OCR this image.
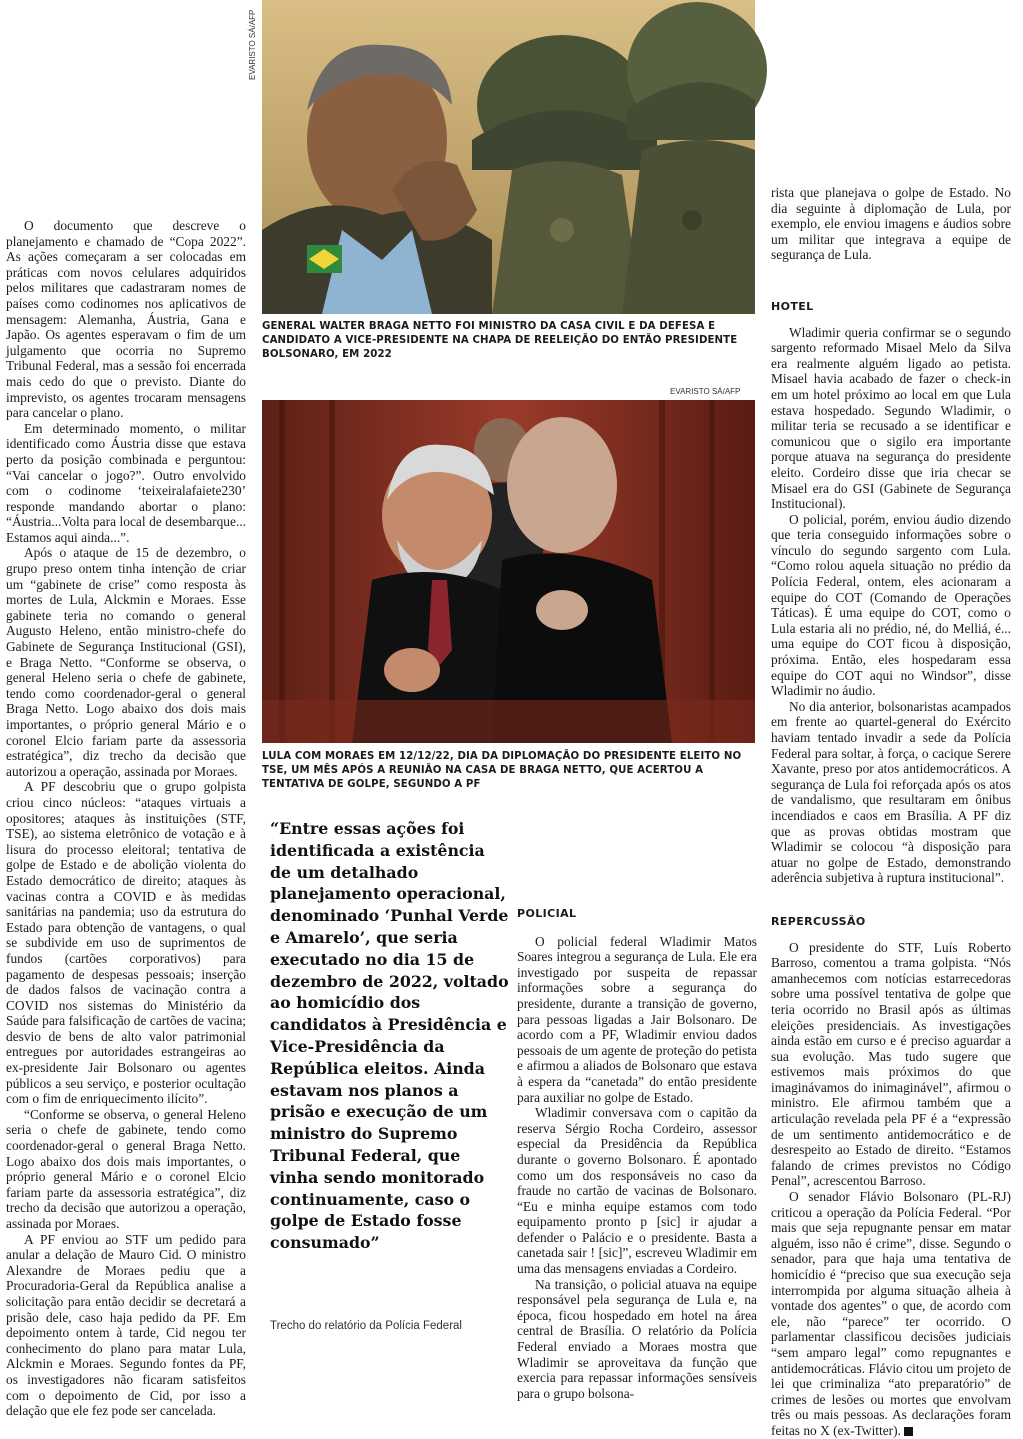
EVARISTO SÁ/AFP
GENERAL WALTER BRAGA NETTO FOI MINISTRO DA CASA CIVIL E DA DEFESA E CANDIDATO A VICE-PRESIDENTE NA CHAPA DE REELEIÇÃO DO ENTÃO PRESIDENTE BOLSONARO, EM 2022
EVARISTO SÁ/AFP
LULA COM MORAES EM 12/12/22, DIA DA DIPLOMAÇÃO DO PRESIDENTE ELEITO NO TSE, UM MÊS APÓS A REUNIÃO NA CASA DE BRAGA NETTO, QUE ACERTOU A TENTATIVA DE GOLPE, SEGUNDO A PF
“Entre essas ações foi identificada a existência de um detalhado planejamento operacional, denominado ‘Punhal Verde e Amarelo’, que seria executado no dia 15 de dezembro de 2022, voltado ao homicídio dos candidatos à Presidência e Vice-Presidência da República eleitos. Ainda estavam nos planos a prisão e execução de um ministro do Supremo Tribunal Federal, que vinha sendo monitorado continuamente, caso o golpe de Estado fosse consumado”
Trecho do relatório da Polícia Federal

O documento que descreve o planejamento e chamado de “Copa 2022”. As ações começaram a ser colocadas em práticas com novos celulares adquiridos pelos militares que cadastraram nomes de países como codinomes nos aplicativos de mensagem: Alemanha, Áustria, Gana e Japão. Os agentes esperavam o fim de um julgamento que ocorria no Supremo Tribunal Federal, mas a sessão foi encerrada mais cedo do que o previsto. Diante do imprevisto, os agentes trocaram mensagens para cancelar o plano.

Em determinado momento, o militar identificado como Áustria disse que estava perto da posição combinada e perguntou: “Vai cancelar o jogo?”. Outro envolvido com o codinome ‘teixeiralafaiete230’ responde mandando abortar o plano: “Áustria...Volta para local de desembarque... Estamos aqui ainda...”.

Após o ataque de 15 de dezembro, o grupo preso ontem tinha intenção de criar um “gabinete de crise” como resposta às mortes de Lula, Alckmin e Moraes. Esse gabinete teria no comando o general Augusto Heleno, então ministro-chefe do Gabinete de Segurança Institucional (GSI), e Braga Netto. “Conforme se observa, o general Heleno seria o chefe de gabinete, tendo como coordenador-geral o general Braga Netto. Logo abaixo dos dois mais importantes, o próprio general Mário e o coronel Elcio fariam parte da assessoria estratégica”, diz trecho da decisão que autorizou a operação, assinada por Moraes.

A PF descobriu que o grupo golpista criou cinco núcleos: “ataques virtuais a opositores; ataques às instituições (STF, TSE), ao sistema eletrônico de votação e à lisura do processo eleitoral; tentativa de golpe de Estado e de abolição violenta do Estado democrático de direito; ataques às vacinas contra a COVID e às medidas sanitárias na pandemia; uso da estrutura do Estado para obtenção de vantagens, o qual se subdivide em uso de suprimentos de fundos (cartões corporativos) para pagamento de despesas pessoais; inserção de dados falsos de vacinação contra a COVID nos sistemas do Ministério da Saúde para falsificação de cartões de vacina; desvio de bens de alto valor patrimonial entregues por autoridades estrangeiras ao ex-presidente Jair Bolsonaro ou agentes públicos a seu serviço, e posterior ocultação com o fim de enriquecimento ilícito”.

“Conforme se observa, o general Heleno seria o chefe de gabinete, tendo como coordenador-geral o general Braga Netto. Logo abaixo dos dois mais importantes, o próprio general Mário e o coronel Elcio fariam parte da assessoria estratégica”, diz trecho da decisão que autorizou a operação, assinada por Moraes.

A PF enviou ao STF um pedido para anular a delação de Mauro Cid. O ministro Alexandre de Moraes pediu que a Procuradoria-Geral da República analise a solicitação para então decidir se decretará a prisão dele, caso haja pedido da PF. Em depoimento ontem à tarde, Cid negou ter conhecimento do plano para matar Lula, Alckmin e Moraes. Segundo fontes da PF, os investigadores não ficaram satisfeitos com o depoimento de Cid, por isso a delação que ele fez pode ser cancelada.

POLICIAL

O policial federal Wladimir Matos Soares integrou a segurança de Lula. Ele era investigado por suspeita de repassar informações sobre a segurança do presidente, durante a transição de governo, para pessoas ligadas a Jair Bolsonaro. De acordo com a PF, Wladimir enviou dados pessoais de um agente de proteção do petista e afirmou a aliados de Bolsonaro que estava à espera da “canetada” do então presidente para auxiliar no golpe de Estado.

Wladimir conversava com o capitão da reserva Sérgio Rocha Cordeiro, assessor especial da Presidência da República durante o governo Bolsonaro. É apontado como um dos responsáveis no caso da fraude no cartão de vacinas de Bolsonaro. “Eu e minha equipe estamos com todo equipamento pronto p [sic] ir ajudar a defender o Palácio e o presidente. Basta a canetada sair ! [sic]”, escreveu Wladimir em uma das mensagens enviadas a Cordeiro.

Na transição, o policial atuava na equipe responsável pela segurança de Lula e, na época, ficou hospedado em hotel na área central de Brasília. O relatório da Polícia Federal enviado a Moraes mostra que Wladimir se aproveitava da função que exercia para repassar informações sensíveis para o grupo bolsona-

rista que planejava o golpe de Estado. No dia seguinte à diplomação de Lula, por exemplo, ele enviou imagens e áudios sobre um militar que integrava a equipe de segurança de Lula.

HOTEL

Wladimir queria confirmar se o segundo sargento reformado Misael Melo da Silva era realmente alguém ligado ao petista. Misael havia acabado de fazer o check-in em um hotel próximo ao local em que Lula estava hospedado. Segundo Wladimir, o militar teria se recusado a se identificar e comunicou que o sigilo era importante porque atuava na segurança do presidente eleito. Cordeiro disse que iria checar se Misael era do GSI (Gabinete de Segurança Institucional).

O policial, porém, enviou áudio dizendo que teria conseguido informações sobre o vínculo do segundo sargento com Lula. “Como rolou aquela situação no prédio da Polícia Federal, ontem, eles acionaram a equipe do COT (Comando de Operações Táticas). É uma equipe do COT, como o Lula estaria ali no prédio, né, do Melliá, é... uma equipe do COT ficou à disposição, próxima. Então, eles hospedaram essa equipe do COT aqui no Windsor”, disse Wladimir no áudio.

No dia anterior, bolsonaristas acampados em frente ao quartel-general do Exército haviam tentado invadir a sede da Polícia Federal para soltar, à força, o cacique Serere Xavante, preso por atos antidemocráticos. A segurança de Lula foi reforçada após os atos de vandalismo, que resultaram em ônibus incendiados e caos em Brasília. A PF diz que as provas obtidas mostram que Wladimir se colocou “à disposição para atuar no golpe de Estado, demonstrando aderência subjetiva à ruptura institucional”.

REPERCUSSÃO

O presidente do STF, Luís Roberto Barroso, comentou a trama golpista. “Nós amanhecemos com notícias estarrecedoras sobre uma possível tentativa de golpe que teria ocorrido no Brasil após as últimas eleições presidenciais. As investigações ainda estão em curso e é preciso aguardar a sua evolução. Mas tudo sugere que estivemos mais próximos do que imaginávamos do inimaginável”, afirmou o ministro. Ele afirmou também que a articulação revelada pela PF é a “expressão de um sentimento antidemocrático e de desrespeito ao Estado de direito. “Estamos falando de crimes previstos no Código Penal”, acrescentou Barroso.

O senador Flávio Bolsonaro (PL-RJ) criticou a operação da Polícia Federal. “Por mais que seja repugnante pensar em matar alguém, isso não é crime”, disse. Segundo o senador, para que haja uma tentativa de homicídio é “preciso que sua execução seja interrompida por alguma situação alheia à vontade dos agentes” o que, de acordo com ele, não “parece” ter ocorrido. O parlamentar classificou decisões judiciais “sem amparo legal” como repugnantes e antidemocráticas. Flávio citou um projeto de lei que criminaliza “ato preparatório” de crimes de lesões ou mortes que envolvam três ou mais pessoas. As declarações foram feitas no X (ex-Twitter).
